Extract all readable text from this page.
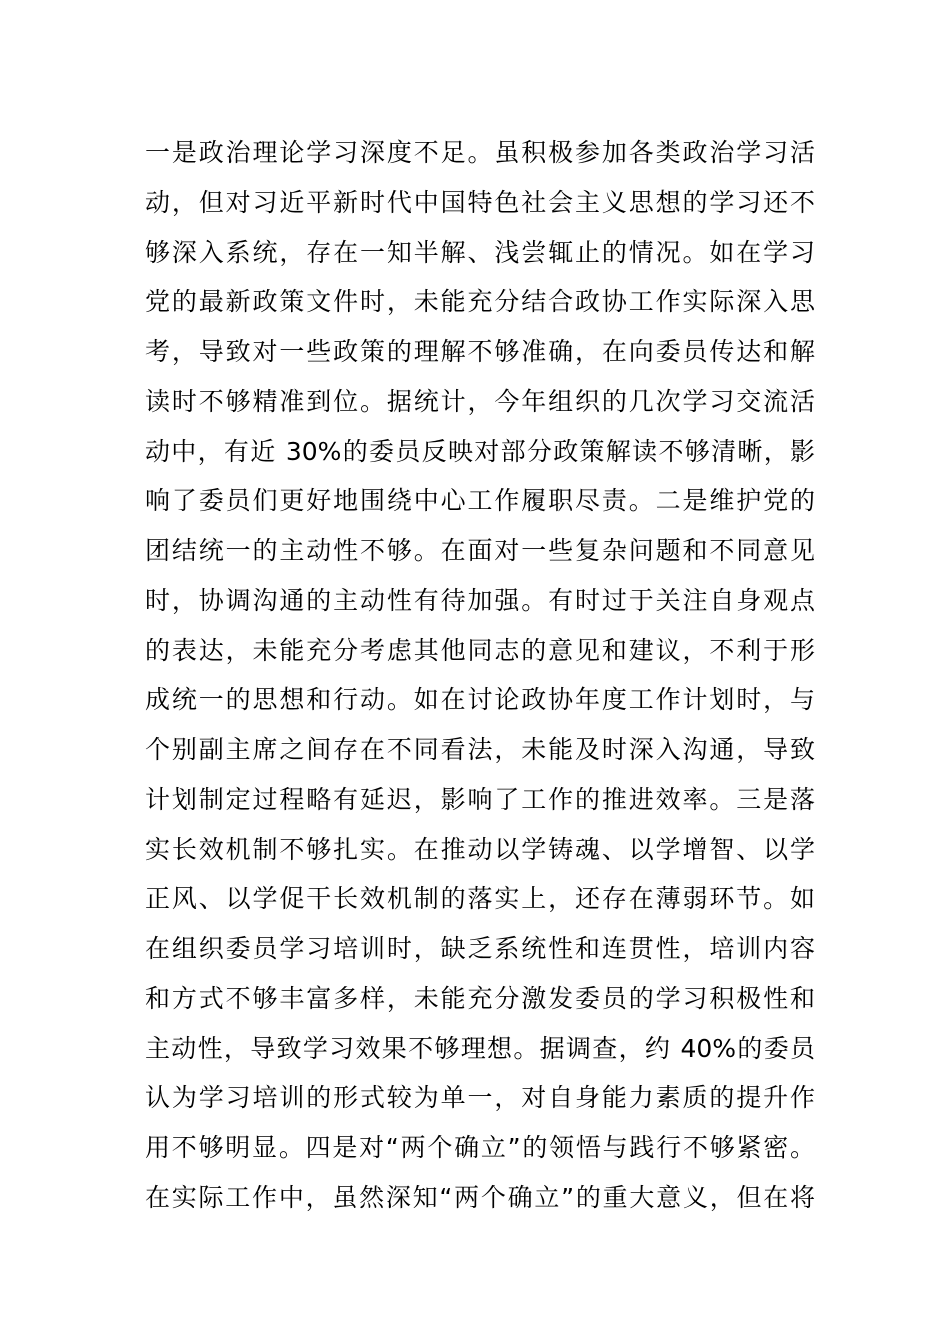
一是政治理论学习深度不足。虽积极参加各类政治学习活
动，但对习近平新时代中国特色社会主义思想的学习还不
够深入系统，存在一知半解、浅尝辄止的情况。如在学习
党的最新政策文件时，未能充分结合政协工作实际深入思
考，导致对一些政策的理解不够准确，在向委员传达和解
读时不够精准到位。据统计，今年组织的几次学习交流活
动中，有近 30%的委员反映对部分政策解读不够清晰，影
响了委员们更好地围绕中心工作履职尽责。二是维护党的
团结统一的主动性不够。在面对一些复杂问题和不同意见
时，协调沟通的主动性有待加强。有时过于关注自身观点
的表达，未能充分考虑其他同志的意见和建议，不利于形
成统一的思想和行动。如在讨论政协年度工作计划时，与
个别副主席之间存在不同看法，未能及时深入沟通，导致
计划制定过程略有延迟，影响了工作的推进效率。三是落
实长效机制不够扎实。在推动以学铸魂、以学增智、以学
正风、以学促干长效机制的落实上，还存在薄弱环节。如
在组织委员学习培训时，缺乏系统性和连贯性，培训内容
和方式不够丰富多样，未能充分激发委员的学习积极性和
主动性，导致学习效果不够理想。据调查，约 40%的委员
认为学习培训的形式较为单一，对自身能力素质的提升作
用不够明显。四是对“两个确立”的领悟与践行不够紧密。
在实际工作中，虽然深知“两个确立”的重大意义，但在将
